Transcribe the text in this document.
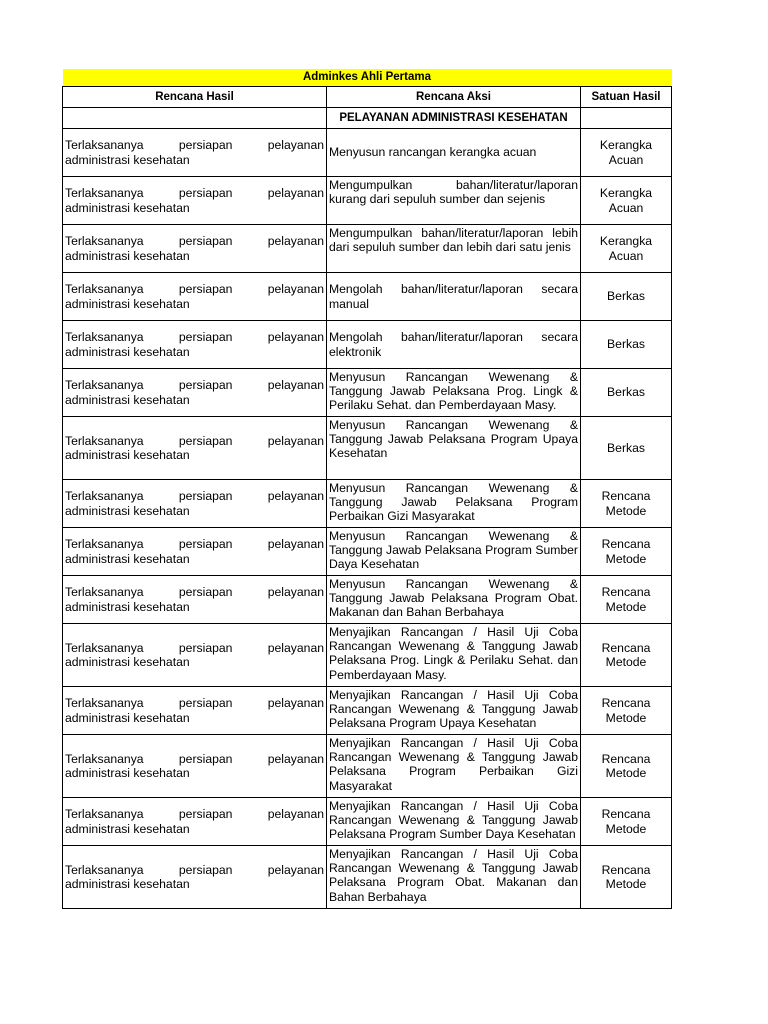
Adminkes Ahli Pertama		
Rencana Hasil	Rencana Aksi	Satuan Hasil
	PELAYANAN ADMINISTRASI KESEHATAN	

Terlaksananya persiapan pelayanan
administrasi kesehatan	Menyusun rancangan kerangka acuan	Kerangka Acuan

Terlaksananya persiapan pelayanan
administrasi kesehatan	Mengumpulkan bahan/literatur/laporan kurang dari sepuluh sumber dan sejenis	Kerangka Acuan

Terlaksananya persiapan pelayanan
administrasi kesehatan	Mengumpulkan bahan/literatur/laporan lebih dari sepuluh sumber dan lebih dari satu jenis	Kerangka Acuan

Terlaksananya persiapan pelayanan
administrasi kesehatan	Mengolah bahan/literatur/laporan secara manual	Berkas

Terlaksananya persiapan pelayanan
administrasi kesehatan	Mengolah bahan/literatur/laporan secara elektronik	Berkas

Terlaksananya persiapan pelayanan
administrasi kesehatan	Menyusun Rancangan Wewenang & Tanggung Jawab Pelaksana Prog. Lingk & Perilaku Sehat. dan Pemberdayaan Masy.	Berkas

Terlaksananya persiapan pelayanan
administrasi kesehatan	Menyusun Rancangan Wewenang & Tanggung Jawab Pelaksana Program Upaya Kesehatan	Berkas

Terlaksananya persiapan pelayanan
administrasi kesehatan	Menyusun Rancangan Wewenang & Tanggung Jawab Pelaksana Program Perbaikan Gizi Masyarakat	Rencana Metode

Terlaksananya persiapan pelayanan
administrasi kesehatan	Menyusun Rancangan Wewenang & Tanggung Jawab Pelaksana Program Sumber Daya Kesehatan	Rencana Metode

Terlaksananya persiapan pelayanan
administrasi kesehatan	Menyusun Rancangan Wewenang & Tanggung Jawab Pelaksana Program Obat. Makanan dan Bahan Berbahaya	Rencana Metode

Terlaksananya persiapan pelayanan
administrasi kesehatan	Menyajikan Rancangan / Hasil Uji Coba Rancangan Wewenang & Tanggung Jawab Pelaksana Prog. Lingk & Perilaku Sehat. dan Pemberdayaan Masy.	Rencana Metode

Terlaksananya persiapan pelayanan
administrasi kesehatan	Menyajikan Rancangan / Hasil Uji Coba Rancangan Wewenang & Tanggung Jawab Pelaksana Program Upaya Kesehatan	Rencana Metode

Terlaksananya persiapan pelayanan
administrasi kesehatan	Menyajikan Rancangan / Hasil Uji Coba Rancangan Wewenang & Tanggung Jawab Pelaksana Program Perbaikan Gizi Masyarakat	Rencana Metode

Terlaksananya persiapan pelayanan
administrasi kesehatan	Menyajikan Rancangan / Hasil Uji Coba Rancangan Wewenang & Tanggung Jawab Pelaksana Program Sumber Daya Kesehatan	Rencana Metode

Terlaksananya persiapan pelayanan
administrasi kesehatan	Menyajikan Rancangan / Hasil Uji Coba Rancangan Wewenang & Tanggung Jawab Pelaksana Program Obat. Makanan dan Bahan Berbahaya	Rencana Metode
